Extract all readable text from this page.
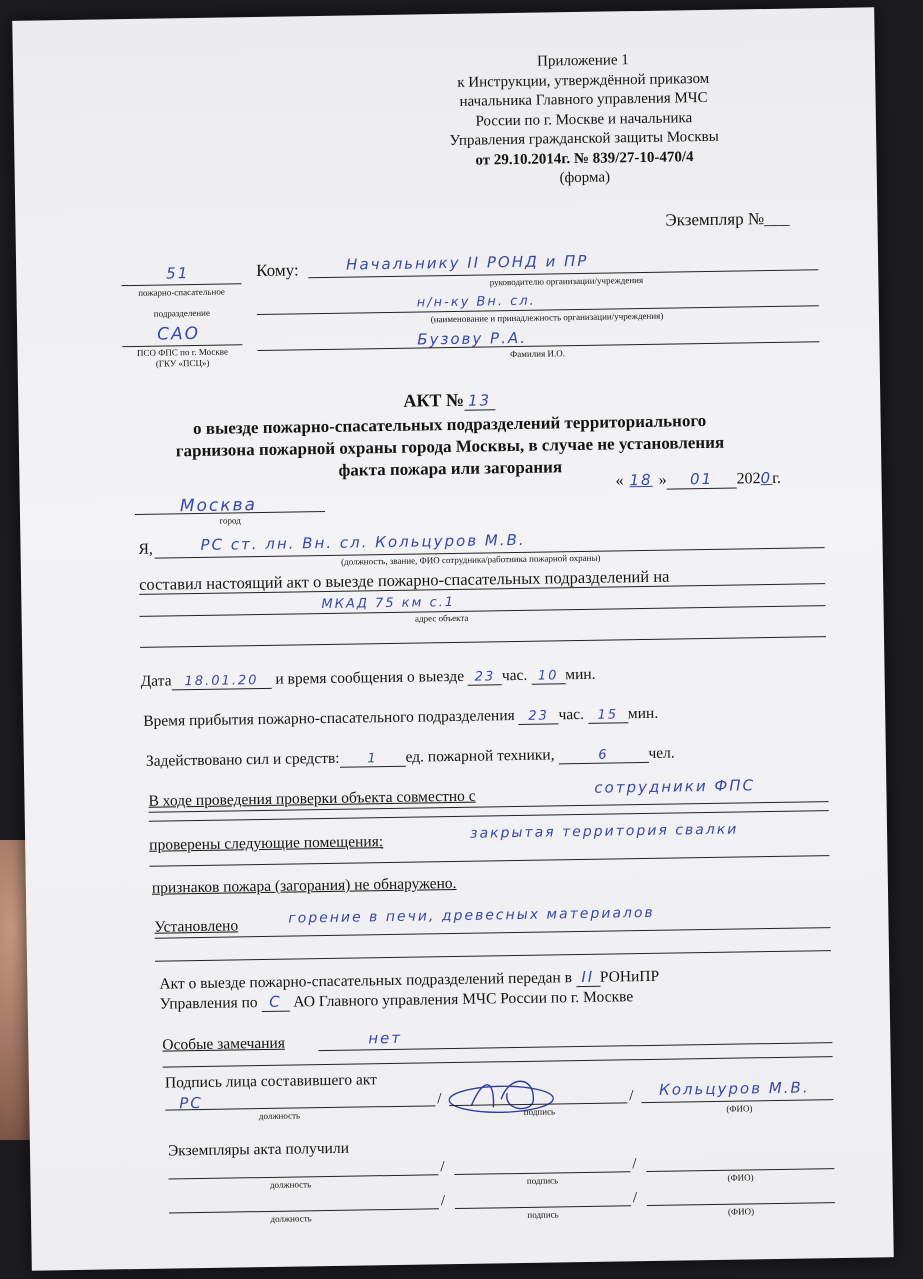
Приложение 1
к Инструкции, утверждённой приказом
начальника Главного управления МЧС
России по г. Москве и начальника
Управления гражданской защиты Москвы
от 29.10.2014г. № 839/27-10-470/4
(форма)
Экземпляр №___
51
пожарно-спасательное
подразделение
САО
ПСО ФПС по г. Москве
(ГКУ «ПСЦ»)
Кому:	Начальнику II РОНД и ПР
руководителю организации/учреждения
н/н-ку Вн. сл.
(наименование и принадлежность организации/учреждения)
Бузову Р.А.
Фамилия И.О.
АКТ № 13
о выезде пожарно-спасательных подразделений территориального
гарнизона пожарной охраны города Москвы, в случае не установления
факта пожара или загорания
« 18 » 01 2020г.
Москва
город
Я,	РС ст. лн. Вн. сл. Кольцуров М.В.
(должность, звание, ФИО сотрудника/работника пожарной охраны)
составил настоящий акт о выезде пожарно-спасательных подразделений на
МКАД 75 км с.1
адрес объекта
Дата 18.01.20 и время сообщения о выезде 23 час. 10 мин.
Время прибытия пожарно-спасательного подразделения 23 час. 15 мин.
Задействовано сил и средств: 1 ед. пожарной техники,	6	чел.
В ходе проведения проверки объекта совместно с
сотрудники ФПС
проверены следующие помещения:
закрытая территория свалки
признаков пожара (загорания) не обнаружено.
Установлено	горение в печи, древесных материалов
Акт о выезде пожарно-спасательных подразделений передан в II РОНиПР
Управления по С АО Главного управления МЧС России по г. Москве
Особые замечания	нет
Подпись лица составившего акт
РС	/	/ Кольцуров М.В.
должность	подпись	(ФИО)
Экземпляры акта получили
/	/
должность	подпись	(ФИО)
/	/
должность	подпись	(ФИО)
